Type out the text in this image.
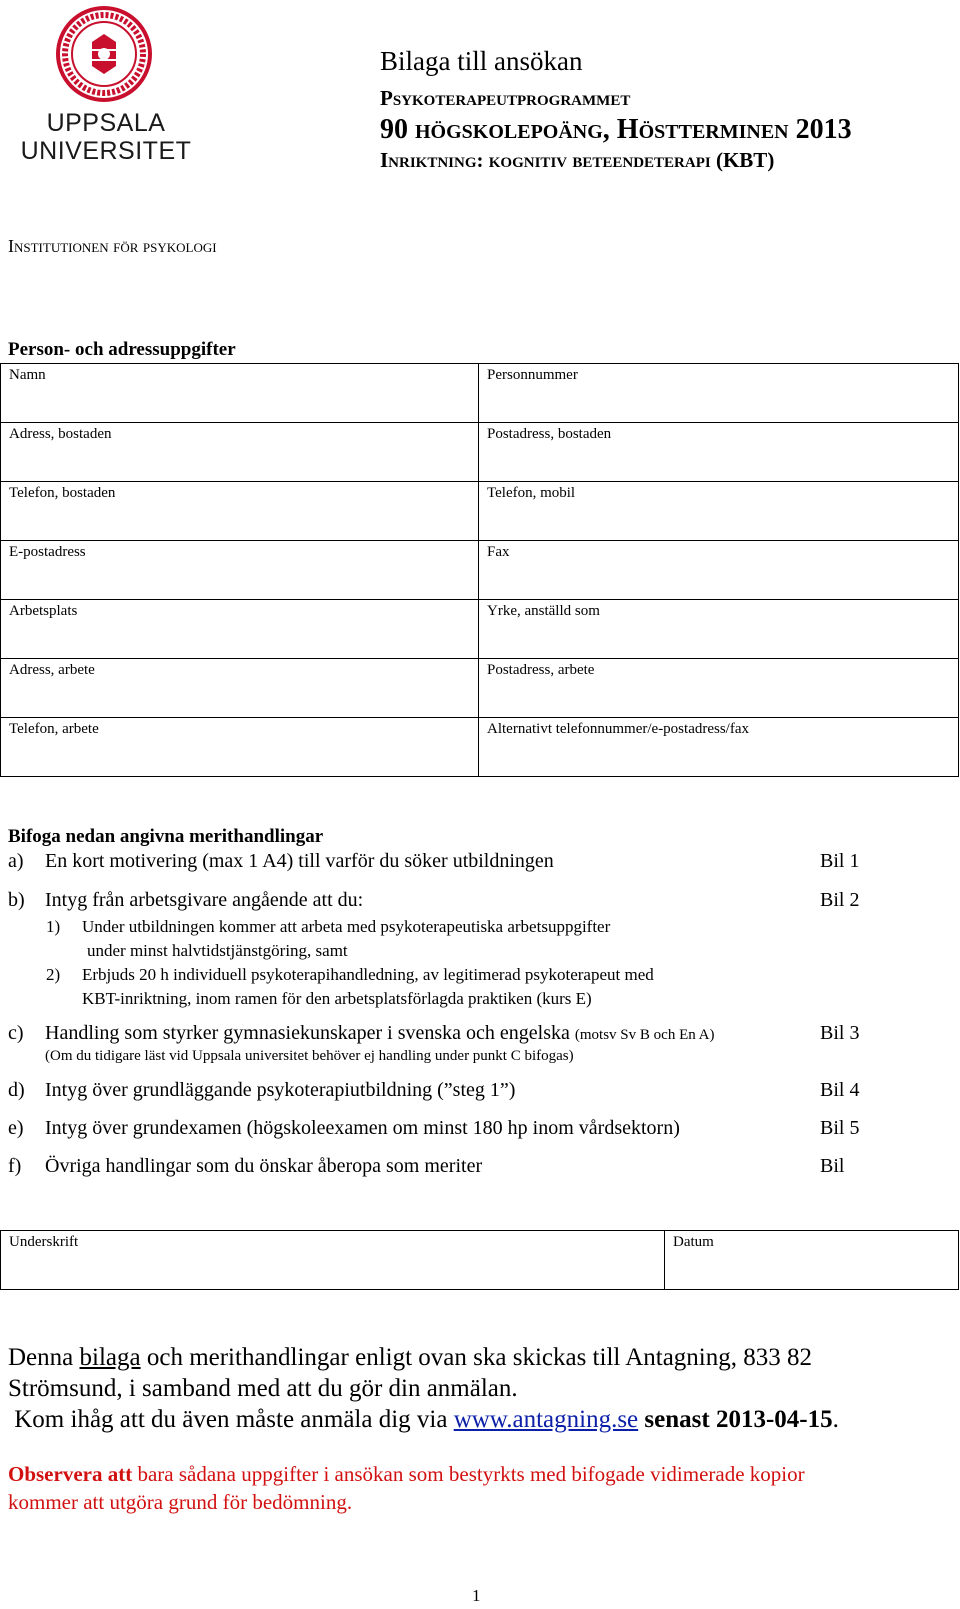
UPPSALA
UNIVERSITET
Bilaga till ansökan
Psykoterapeutprogrammet
90 högskolepoäng, Höstterminen 2013
Inriktning: kognitiv beteendeterapi (KBT)
Institutionen för psykologi
Person- och adressuppgifter
Namn	Personnummer
Adress, bostaden	Postadress, bostaden
Telefon, bostaden	Telefon, mobil
E-postadress	Fax
Arbetsplats	Yrke, anställd som
Adress, arbete	Postadress, arbete
Telefon, arbete	Alternativt telefonnummer/e-postadress/fax
Bifoga nedan angivna merithandlingar
a) En kort motivering (max 1 A4) till varför du söker utbildningen	Bil 1
b) Intyg från arbetsgivare angående att du:	Bil 2
1) Under utbildningen kommer att arbeta med psykoterapeutiska arbetsuppgifter
under minst halvtidstjänstgöring, samt
2) Erbjuds 20 h individuell psykoterapihandledning, av legitimerad psykoterapeut med
KBT-inriktning, inom ramen för den arbetsplatsförlagda praktiken (kurs E)
c) Handling som styrker gymnasiekunskaper i svenska och engelska (motsv Sv B och En A)	Bil 3
(Om du tidigare läst vid Uppsala universitet behöver ej handling under punkt C bifogas)
d) Intyg över grundläggande psykoterapiutbildning (”steg 1”)	Bil 4
e) Intyg över grundexamen (högskoleexamen om minst 180 hp inom vårdsektorn)	Bil 5
f) Övriga handlingar som du önskar åberopa som meriter	Bil
Underskrift	Datum
Denna bilaga och merithandlingar enligt ovan ska skickas till Antagning, 833 82
Strömsund, i samband med att du gör din anmälan.
Kom ihåg att du även måste anmäla dig via www.antagning.se senast 2013-04-15.
Observera att bara sådana uppgifter i ansökan som bestyrkts med bifogade vidimerade kopior
kommer att utgöra grund för bedömning.
1
